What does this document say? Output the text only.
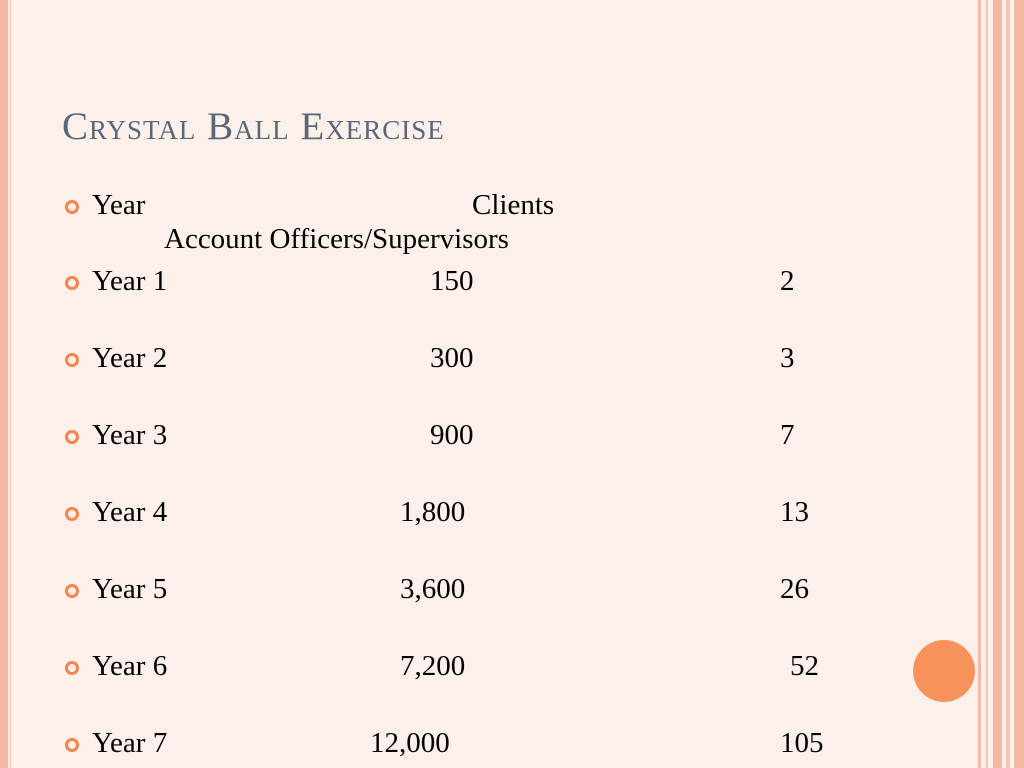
Crystal Ball Exercise
Year	Clients
Account Officers/Supervisors
Year 1	150	2
Year 2	300	3
Year 3	900	7
Year 4	1,800	13
Year 5	3,600	26
Year 6	7,200	52
Year 7	12,000	105
